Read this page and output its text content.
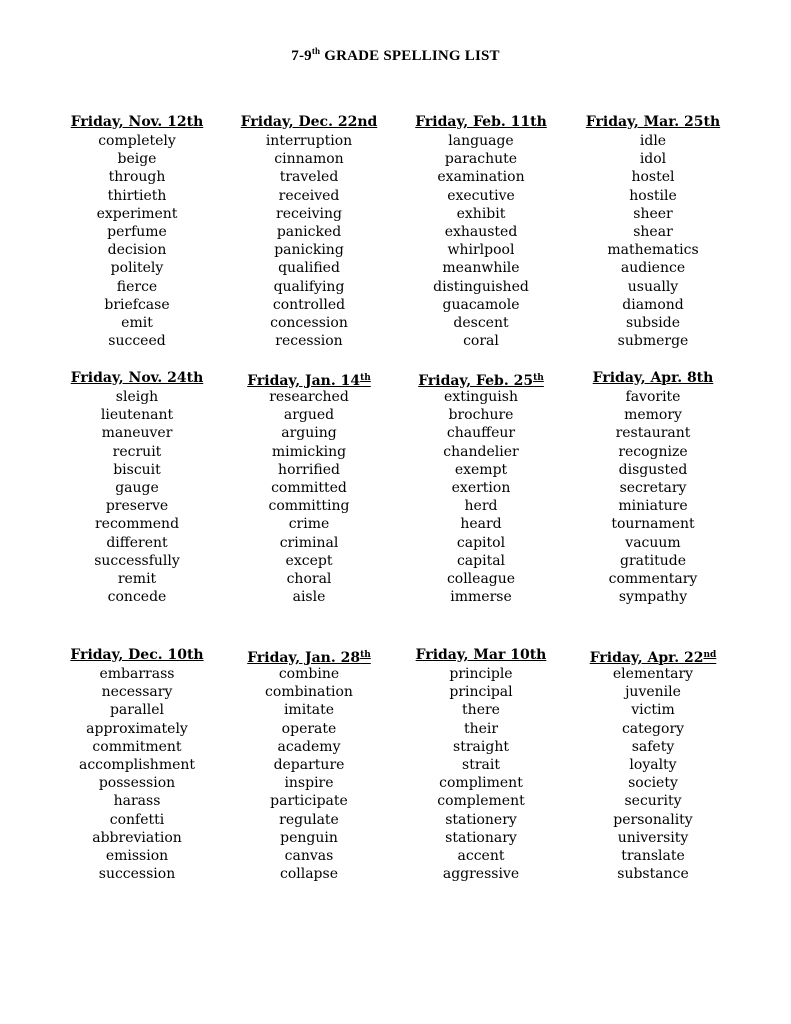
7-9th GRADE SPELLING LIST
Friday, Nov. 12th
completely
beige
through
thirtieth
experiment
perfume
decision
politely
fierce
briefcase
emit
succeed
Friday, Nov. 24th
sleigh
lieutenant
maneuver
recruit
biscuit
gauge
preserve
recommend
different
successfully
remit
concede
Friday, Dec. 10th
embarrass
necessary
parallel
approximately
commitment
accomplishment
possession
harass
confetti
abbreviation
emission
succession
Friday, Dec. 22nd
interruption
cinnamon
traveled
received
receiving
panicked
panicking
qualified
qualifying
controlled
concession
recession
Friday, Jan. 14th
researched
argued
arguing
mimicking
horrified
committed
committing
crime
criminal
except
choral
aisle
Friday, Jan. 28th
combine
combination
imitate
operate
academy
departure
inspire
participate
regulate
penguin
canvas
collapse
Friday, Feb. 11th
language
parachute
examination
executive
exhibit
exhausted
whirlpool
meanwhile
distinguished
guacamole
descent
coral
Friday, Feb. 25th
extinguish
brochure
chauffeur
chandelier
exempt
exertion
herd
heard
capitol
capital
colleague
immerse
Friday, Mar 10th
principle
principal
there
their
straight
strait
compliment
complement
stationery
stationary
accent
aggressive
Friday, Mar. 25th
idle
idol
hostel
hostile
sheer
shear
mathematics
audience
usually
diamond
subside
submerge
Friday, Apr. 8th
favorite
memory
restaurant
recognize
disgusted
secretary
miniature
tournament
vacuum
gratitude
commentary
sympathy
Friday, Apr. 22nd
elementary
juvenile
victim
category
safety
loyalty
society
security
personality
university
translate
substance
